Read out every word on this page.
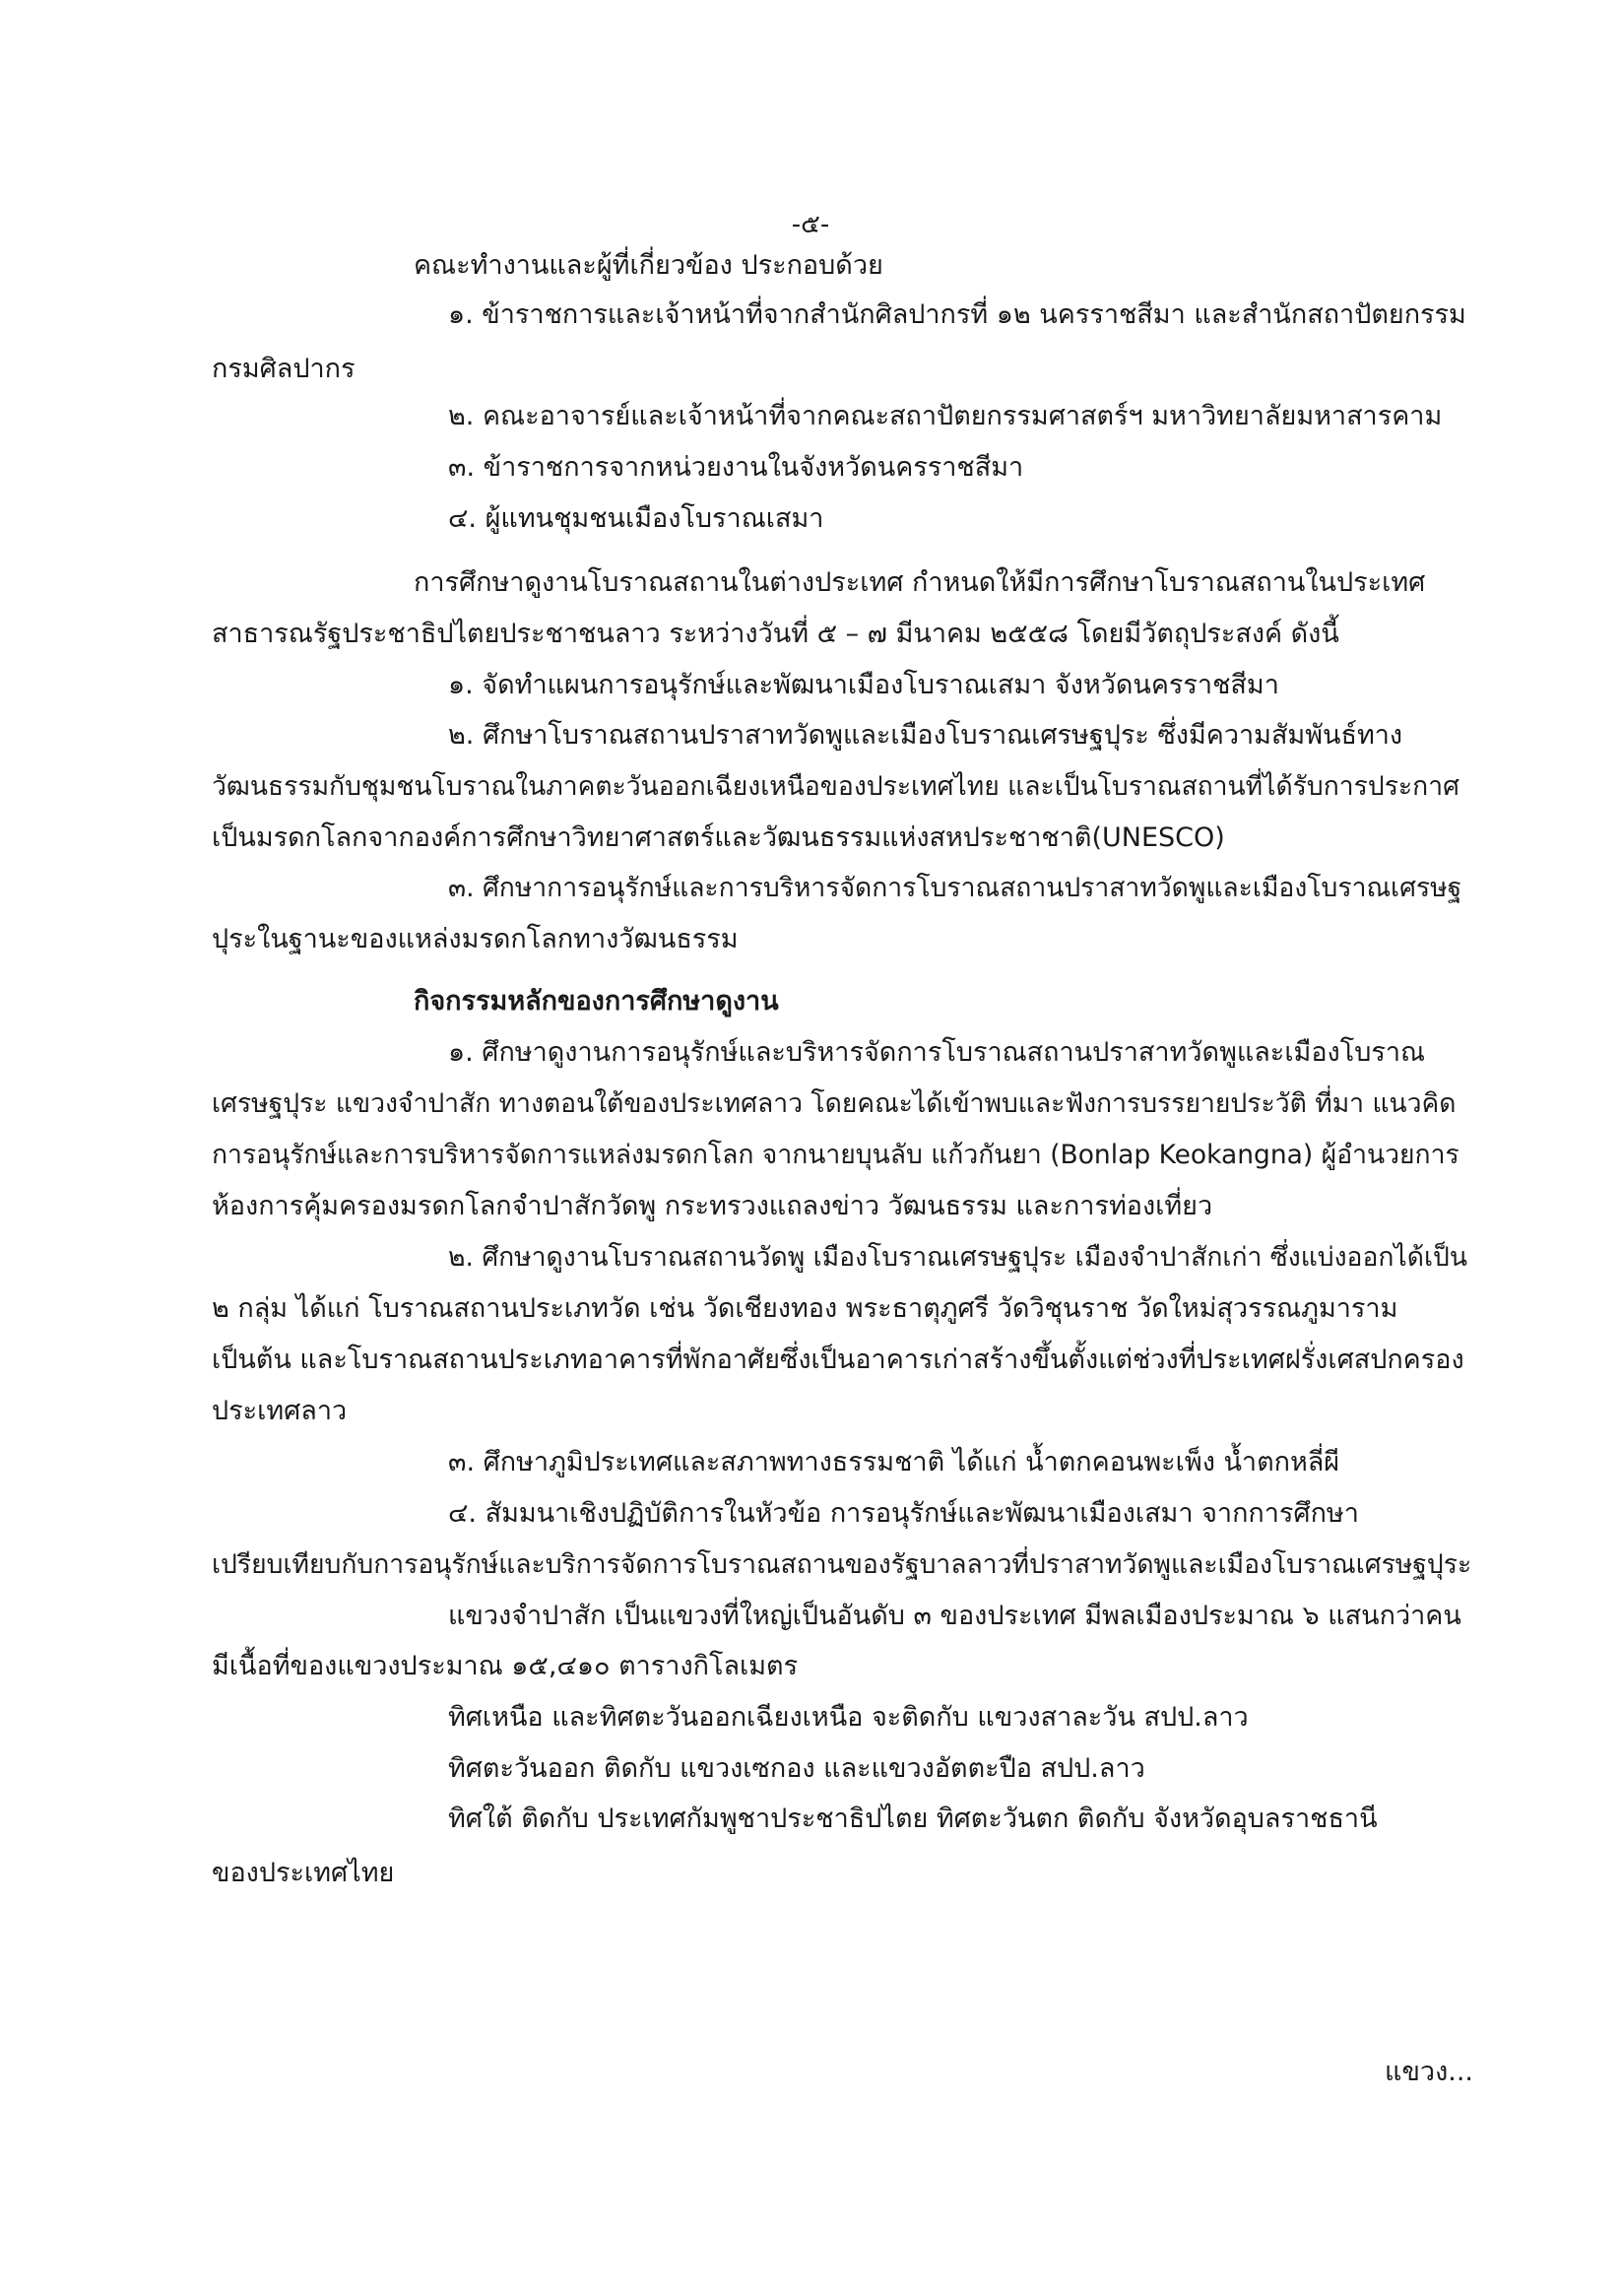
-๕-
คณะทำงานและผู้ที่เกี่ยวข้อง ประกอบด้วย
๑. ข้าราชการและเจ้าหน้าที่จากสำนักศิลปากรที่ ๑๒ นครราชสีมา และสำนักสถาปัตยกรรม
กรมศิลปากร
๒. คณะอาจารย์และเจ้าหน้าที่จากคณะสถาปัตยกรรมศาสตร์ฯ มหาวิทยาลัยมหาสารคาม
๓. ข้าราชการจากหน่วยงานในจังหวัดนครราชสีมา
๔. ผู้แทนชุมชนเมืองโบราณเสมา
การศึกษาดูงานโบราณสถานในต่างประเทศ กำหนดให้มีการศึกษาโบราณสถานในประเทศ
สาธารณรัฐประชาธิปไตยประชาชนลาว ระหว่างวันที่ ๕ – ๗ มีนาคม ๒๕๕๘ โดยมีวัตถุประสงค์ ดังนี้
๑. จัดทำแผนการอนุรักษ์และพัฒนาเมืองโบราณเสมา จังหวัดนครราชสีมา
๒. ศึกษาโบราณสถานปราสาทวัดพูและเมืองโบราณเศรษฐปุระ ซึ่งมีความสัมพันธ์ทาง
วัฒนธรรมกับชุมชนโบราณในภาคตะวันออกเฉียงเหนือของประเทศไทย และเป็นโบราณสถานที่ได้รับการประกาศ
เป็นมรดกโลกจากองค์การศึกษาวิทยาศาสตร์และวัฒนธรรมแห่งสหประชาชาติ(UNESCO)
๓. ศึกษาการอนุรักษ์และการบริหารจัดการโบราณสถานปราสาทวัดพูและเมืองโบราณเศรษฐ
ปุระในฐานะของแหล่งมรดกโลกทางวัฒนธรรม
กิจกรรมหลักของการศึกษาดูงาน
๑. ศึกษาดูงานการอนุรักษ์และบริหารจัดการโบราณสถานปราสาทวัดพูและเมืองโบราณ
เศรษฐปุระ แขวงจำปาสัก ทางตอนใต้ของประเทศลาว โดยคณะได้เข้าพบและฟังการบรรยายประวัติ ที่มา แนวคิด
การอนุรักษ์และการบริหารจัดการแหล่งมรดกโลก จากนายบุนลับ แก้วกันยา (Bonlap Keokangna) ผู้อำนวยการ
ห้องการคุ้มครองมรดกโลกจำปาสักวัดพู กระทรวงแถลงข่าว วัฒนธรรม และการท่องเที่ยว
๒. ศึกษาดูงานโบราณสถานวัดพู เมืองโบราณเศรษฐปุระ เมืองจำปาสักเก่า ซึ่งแบ่งออกได้เป็น
๒ กลุ่ม ได้แก่ โบราณสถานประเภทวัด เช่น วัดเชียงทอง พระธาตุภูศรี วัดวิชุนราช วัดใหม่สุวรรณภูมาราม
เป็นต้น และโบราณสถานประเภทอาคารที่พักอาศัยซึ่งเป็นอาคารเก่าสร้างขึ้นตั้งแต่ช่วงที่ประเทศฝรั่งเศสปกครอง
ประเทศลาว
๓. ศึกษาภูมิประเทศและสภาพทางธรรมชาติ ได้แก่ น้ำตกคอนพะเพ็ง น้ำตกหลี่ผี
๔. สัมมนาเชิงปฏิบัติการในหัวข้อ การอนุรักษ์และพัฒนาเมืองเสมา จากการศึกษา
เปรียบเทียบกับการอนุรักษ์และบริการจัดการโบราณสถานของรัฐบาลลาวที่ปราสาทวัดพูและเมืองโบราณเศรษฐปุระ
แขวงจำปาสัก เป็นแขวงที่ใหญ่เป็นอันดับ ๓ ของประเทศ มีพลเมืองประมาณ ๖ แสนกว่าคน
มีเนื้อที่ของแขวงประมาณ ๑๕,๔๑๐ ตารางกิโลเมตร
ทิศเหนือ และทิศตะวันออกเฉียงเหนือ จะติดกับ แขวงสาละวัน สปป.ลาว
ทิศตะวันออก ติดกับ แขวงเซกอง และแขวงอัตตะปือ สปป.ลาว
ทิศใต้ ติดกับ ประเทศกัมพูชาประชาธิปไตย ทิศตะวันตก ติดกับ จังหวัดอุบลราชธานี
ของประเทศไทย
แขวง...
